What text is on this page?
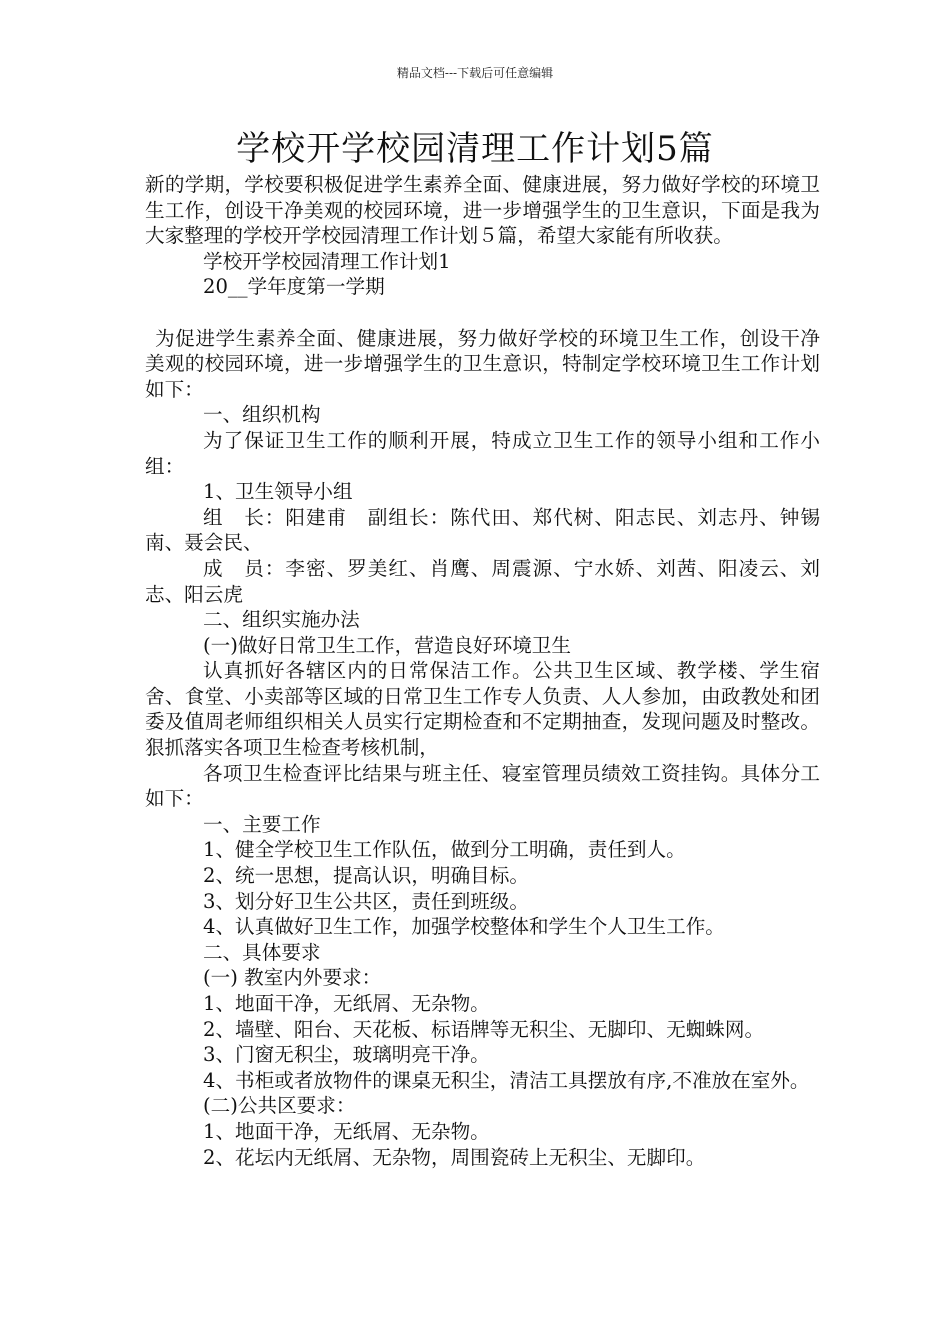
精品文档---下载后可任意编辑
学校开学校园清理工作计划5篇

新的学期，学校要积极促进学生素养全面、健康进展，努力做好学校的环境卫生工作，创设干净美观的校园环境，进一步增强学生的卫生意识，下面是我为大家整理的学校开学校园清理工作计划５篇，希望大家能有所收获。

学校开学校园清理工作计划1

20__学年度第一学期

为促进学生素养全面、健康进展，努力做好学校的环境卫生工作，创设干净美观的校园环境，进一步增强学生的卫生意识，特制定学校环境卫生工作计划如下：

一、组织机构

为了保证卫生工作的顺利开展，特成立卫生工作的领导小组和工作小组：

1、卫生领导小组

组　长：阳建甫　副组长：陈代田、郑代树、阳志民、刘志丹、钟锡南、聂会民、

成　员：李密、罗美红、肖鹰、周震源、宁水娇、刘茜、阳凌云、刘志、阳云虎

二、组织实施办法

(一)做好日常卫生工作，营造良好环境卫生

认真抓好各辖区内的日常保洁工作。公共卫生区域、教学楼、学生宿舍、食堂、小卖部等区域的日常卫生工作专人负责、人人参加，由政教处和团委及值周老师组织相关人员实行定期检查和不定期抽查，发现问题及时整改。狠抓落实各项卫生检查考核机制，

各项卫生检查评比结果与班主任、寝室管理员绩效工资挂钩。具体分工如下：

一、主要工作

1、健全学校卫生工作队伍，做到分工明确，责任到人。

2、统一思想，提高认识，明确目标。

3、划分好卫生公共区，责任到班级。

4、认真做好卫生工作，加强学校整体和学生个人卫生工作。

二、具体要求

(一) 教室内外要求：

1、地面干净，无纸屑、无杂物。

2、墙壁、阳台、天花板、标语牌等无积尘、无脚印、无蜘蛛网。

3、门窗无积尘，玻璃明亮干净。

4、书柜或者放物件的课桌无积尘，清洁工具摆放有序,不准放在室外。

(二)公共区要求：

1、地面干净，无纸屑、无杂物。

2、花坛内无纸屑、无杂物，周围瓷砖上无积尘、无脚印。
